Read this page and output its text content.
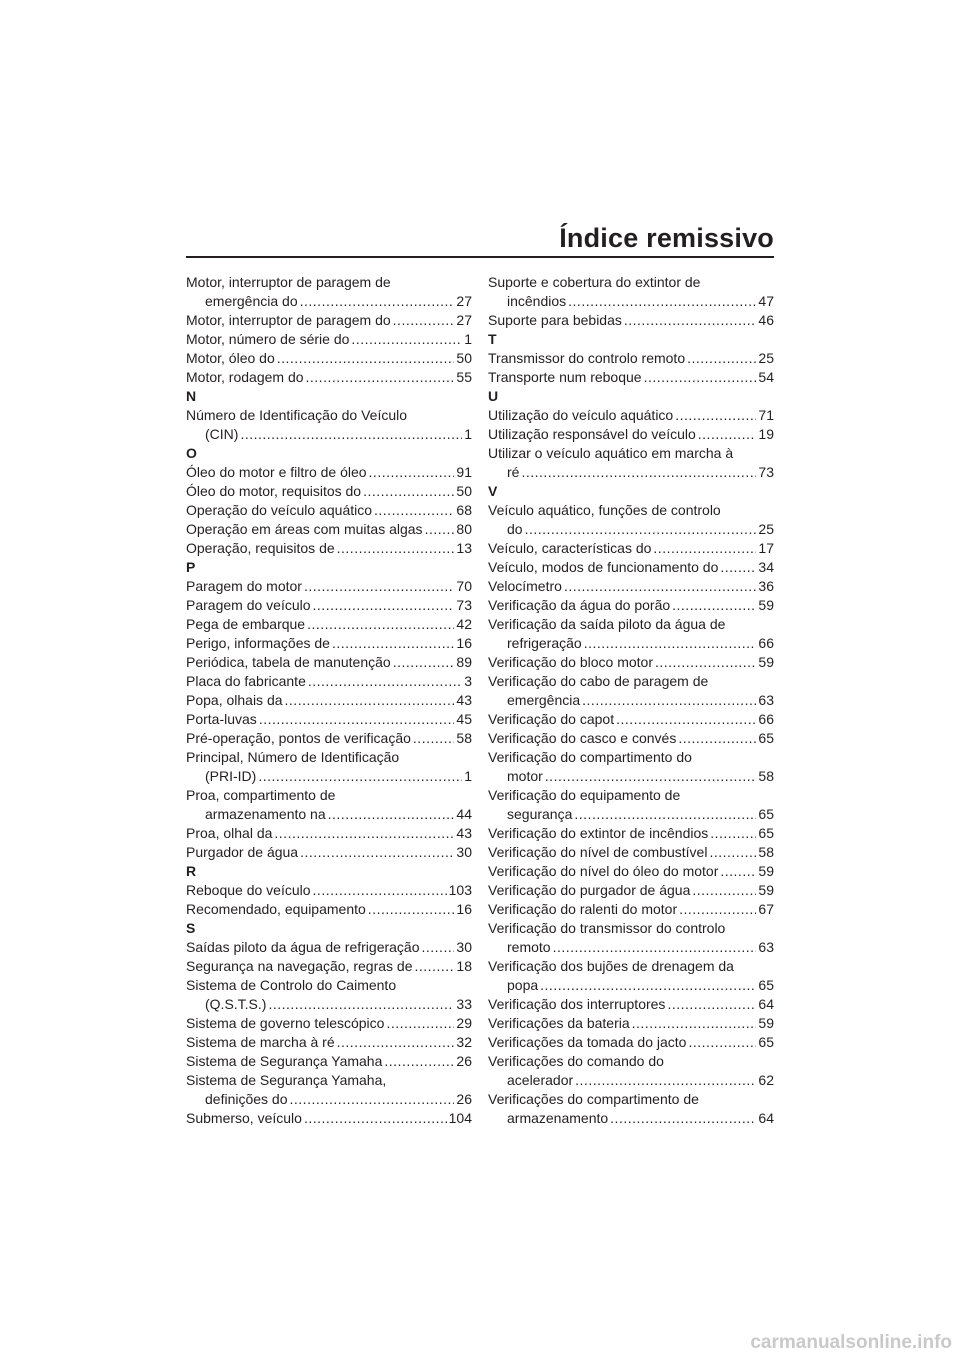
Índice remissivo
Motor, interruptor de paragem de
emergência do .....	27
Motor, interruptor de paragem do .....	27
Motor, número de série do .....	1
Motor, óleo do .....	50
Motor, rodagem do .....	55
N
Número de Identificação do Veículo
(CIN) .....	1
O
Óleo do motor e filtro de óleo .....	91
Óleo do motor, requisitos do .....	50
Operação do veículo aquático .....	68
Operação em áreas com muitas algas ..... 80
Operação, requisitos de .....	13
P
Paragem do motor .....	70
Paragem do veículo .....	73
Pega de embarque .....	42
Perigo, informações de .....	16
Periódica, tabela de manutenção .....	89
Placa do fabricante .....	3
Popa, olhais da .....	43
Porta-luvas .....	45
Pré-operação, pontos de verificação .....	58
Principal, Número de Identificação
(PRI-ID) .....	1
Proa, compartimento de
armazenamento na .....	44
Proa, olhal da .....	43
Purgador de água .....	30
R
Reboque do veículo .....	103
Recomendado, equipamento .....	16
S
Saídas piloto da água de refrigeração .....	30
Segurança na navegação, regras de .....	18
Sistema de Controlo do Caimento
(Q.S.T.S.) .....	33
Sistema de governo telescópico .....	29
Sistema de marcha à ré .....	32
Sistema de Segurança Yamaha .....	26
Sistema de Segurança Yamaha,
definições do .....	26
Submerso, veículo .....	104
Suporte e cobertura do extintor de
incêndios .....	47
Suporte para bebidas .....	46
T
Transmissor do controlo remoto .....	25
Transporte num reboque .....	54
U
Utilização do veículo aquático .....	71
Utilização responsável do veículo .....	19
Utilizar o veículo aquático em marcha à
ré .....	73
V
Veículo aquático, funções de controlo
do .....	25
Veículo, características do .....	17
Veículo, modos de funcionamento do .....	34
Velocímetro .....	36
Verificação da água do porão .....	59
Verificação da saída piloto da água de
refrigeração .....	66
Verificação do bloco motor .....	59
Verificação do cabo de paragem de
emergência .....	63
Verificação do capot .....	66
Verificação do casco e convés .....	65
Verificação do compartimento do
motor .....	58
Verificação do equipamento de
segurança .....	65
Verificação do extintor de incêndios .....	65
Verificação do nível de combustível .....	58
Verificação do nível do óleo do motor .....	59
Verificação do purgador de água .....	59
Verificação do ralenti do motor .....	67
Verificação do transmissor do controlo
remoto .....	63
Verificação dos bujões de drenagem da
popa .....	65
Verificação dos interruptores .....	64
Verificações da bateria .....	59
Verificações da tomada do jacto .....	65
Verificações do comando do
acelerador .....	62
Verificações do compartimento de
armazenamento .....	64
carmanualsonline.info
